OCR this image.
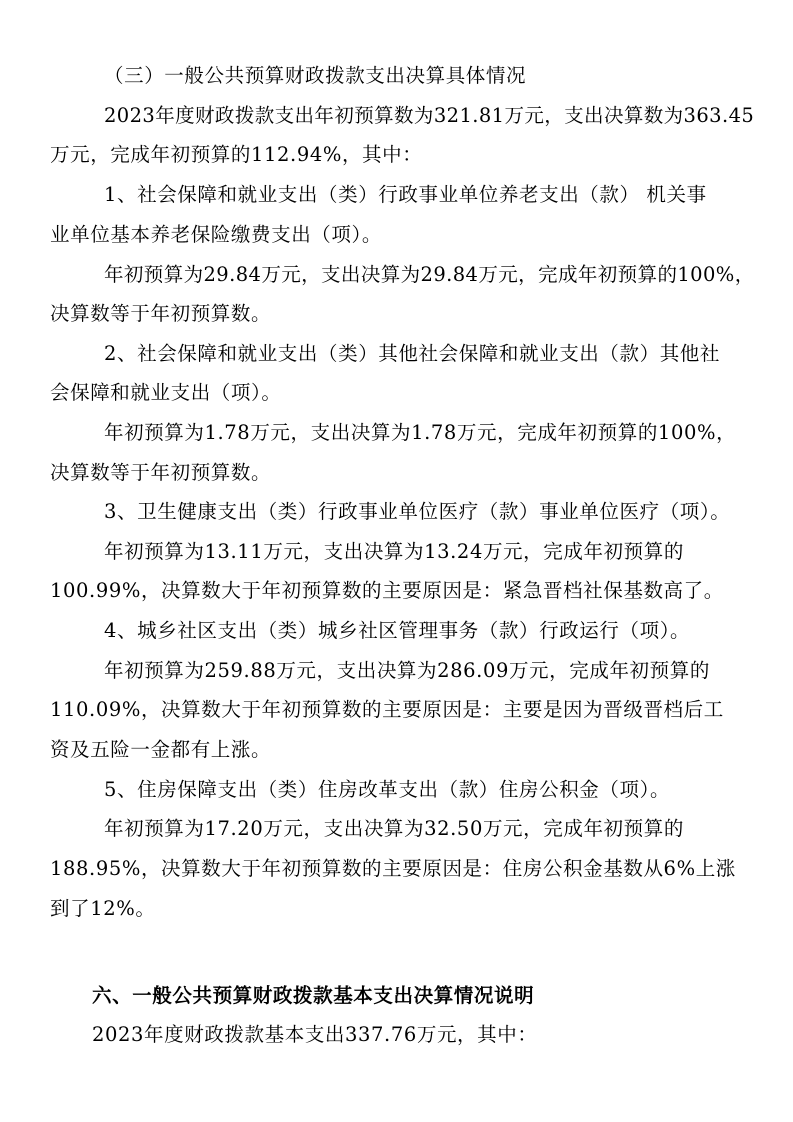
（三）一般公共预算财政拨款支出决算具体情况
2023年度财政拨款支出年初预算数为321.81万元，支出决算数为363.45
万元，完成年初预算的112.94%，其中：
1、社会保障和就业支出（类）行政事业单位养老支出（款） 机关事
业单位基本养老保险缴费支出（项）。
年初预算为29.84万元，支出决算为29.84万元，完成年初预算的100%，
决算数等于年初预算数。
2、社会保障和就业支出（类）其他社会保障和就业支出（款）其他社
会保障和就业支出（项）。
年初预算为1.78万元，支出决算为1.78万元，完成年初预算的100%，
决算数等于年初预算数。
3、卫生健康支出（类）行政事业单位医疗（款）事业单位医疗（项）。
年初预算为13.11万元，支出决算为13.24万元，完成年初预算的
100.99%，决算数大于年初预算数的主要原因是：紧急晋档社保基数高了。
4、城乡社区支出（类）城乡社区管理事务（款）行政运行（项）。
年初预算为259.88万元，支出决算为286.09万元，完成年初预算的
110.09%，决算数大于年初预算数的主要原因是：主要是因为晋级晋档后工
资及五险一金都有上涨。
5、住房保障支出（类）住房改革支出（款）住房公积金（项）。
年初预算为17.20万元，支出决算为32.50万元，完成年初预算的
188.95%，决算数大于年初预算数的主要原因是：住房公积金基数从6%上涨
到了12%。
六、一般公共预算财政拨款基本支出决算情况说明
2023年度财政拨款基本支出337.76万元，其中：
